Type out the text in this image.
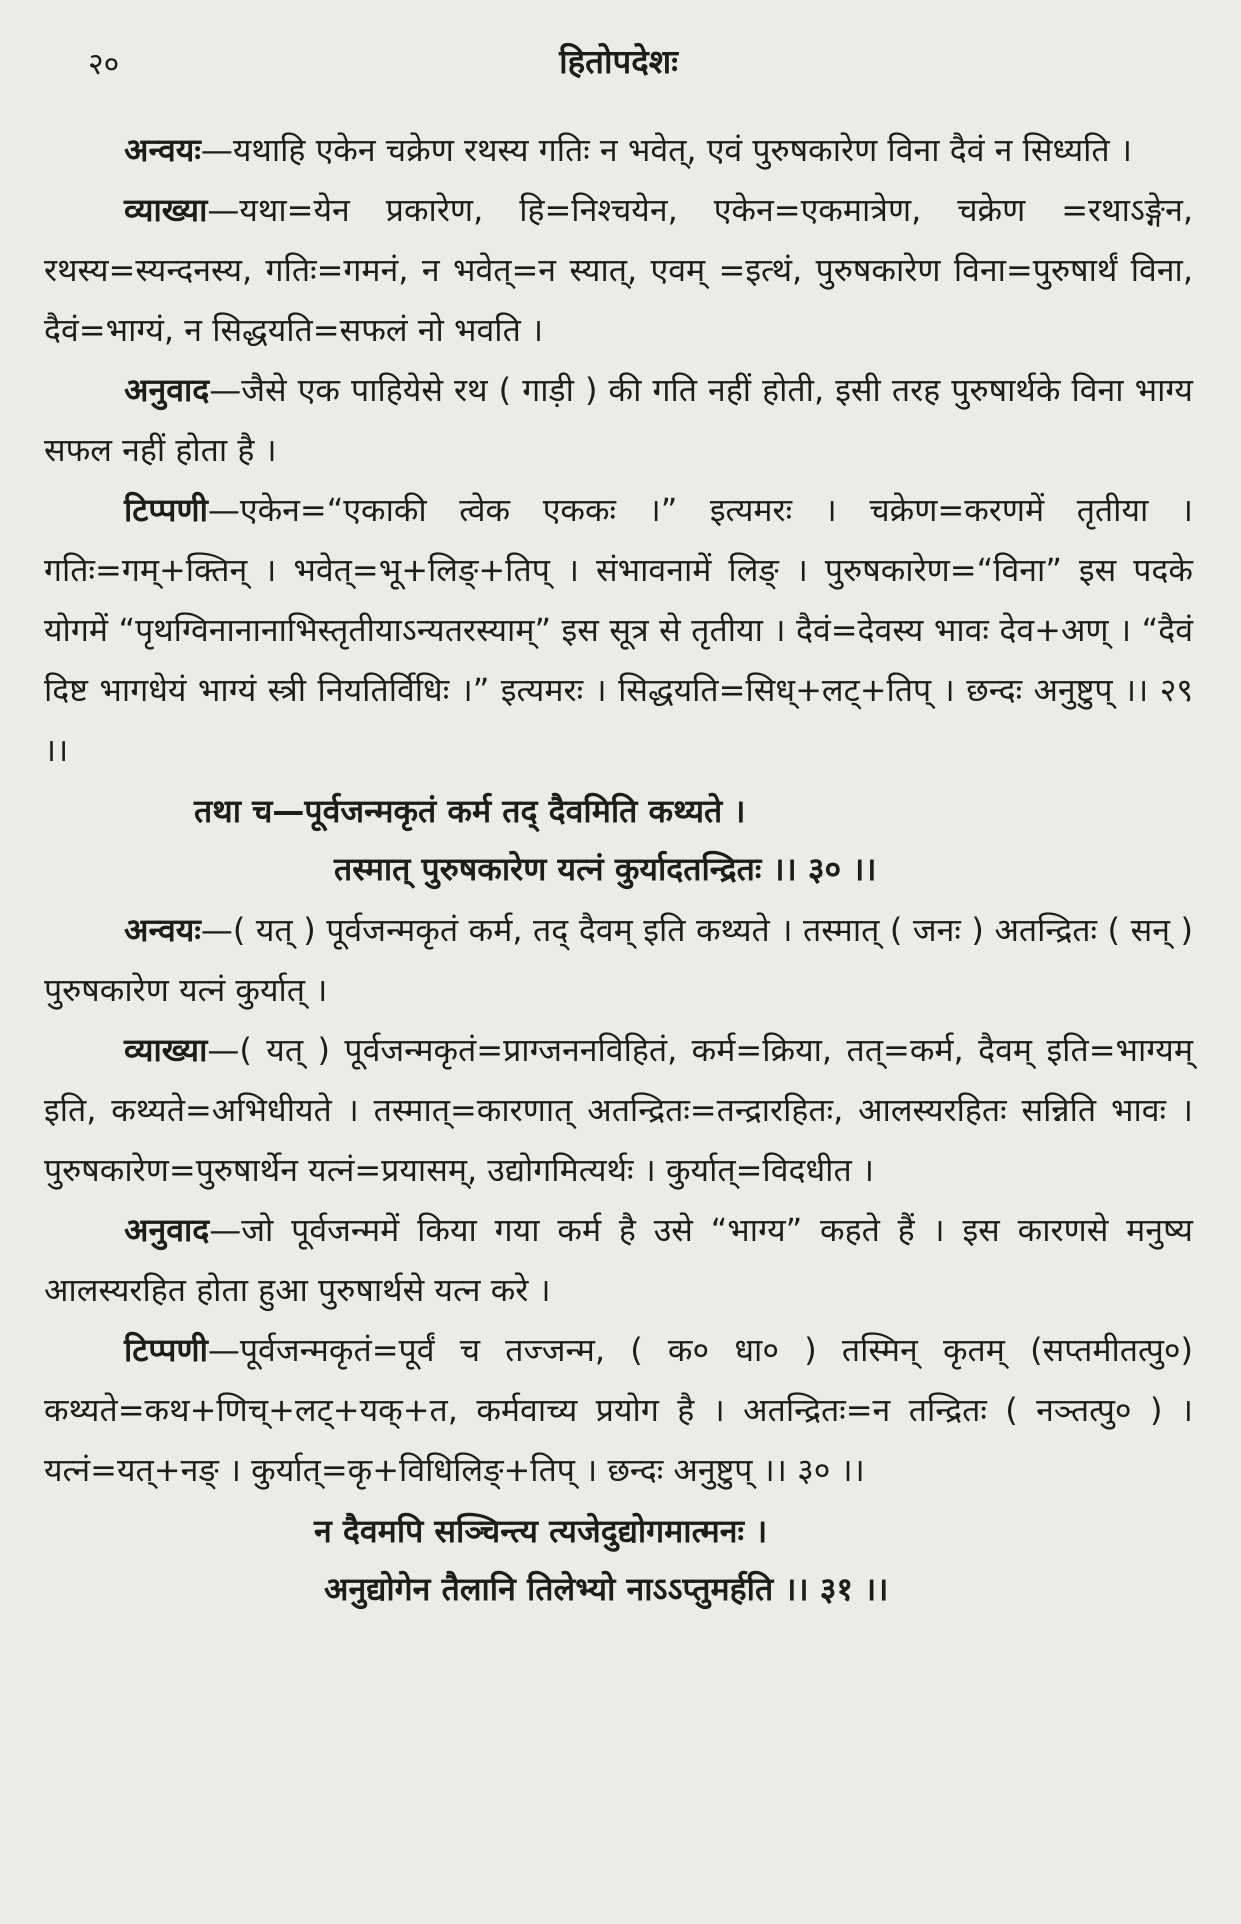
२०	हितोपदेशः

अन्वयः—यथाहि एकेन चक्रेण रथस्य गतिः न भवेत्, एवं पुरुषकारेण विना दैवं न सिध्यति ।

व्याख्या—यथा=येन प्रकारेण, हि=निश्चयेन, एकेन=एकमात्रेण, चक्रेण =रथाऽङ्गेन, रथस्य=स्यन्दनस्य, गतिः=गमनं, न भवेत्=न स्यात्, एवम् =इत्थं, पुरुषकारेण विना=पुरुषार्थं विना, दैवं=भाग्यं, न सिद्धयति=सफलं नो भवति ।

अनुवाद—जैसे एक पाहियेसे रथ ( गाड़ी ) की गति नहीं होती, इसी तरह पुरुषार्थके विना भाग्य सफल नहीं होता है ।

टिप्पणी—एकेन=“एकाकी त्वेक एककः ।” इत्यमरः । चक्रेण=करणमें तृतीया । गतिः=गम्+क्तिन् । भवेत्=भू+लिङ्+तिप् । संभावनामें लिङ् । पुरुषकारेण=“विना” इस पदके योगमें “पृथग्विनानानाभिस्तृतीयाऽन्यतरस्याम्” इस सूत्र से तृतीया । दैवं=देवस्य भावः देव+अण् । “दैवं दिष्ट भागधेयं भाग्यं स्त्री नियतिर्विधिः ।” इत्यमरः । सिद्धयति=सिध्+लट्+तिप् । छन्दः अनुष्टुप् ।। २९ ।।

तथा च—पूर्वजन्मकृतं कर्म तद् दैवमिति कथ्यते ।

तस्मात् पुरुषकारेण यत्नं कुर्यादतन्द्रितः ।। ३० ।।

अन्वयः—( यत् ) पूर्वजन्मकृतं कर्म, तद् दैवम् इति कथ्यते । तस्मात् ( जनः ) अतन्द्रितः ( सन् ) पुरुषकारेण यत्नं कुर्यात् ।

व्याख्या—( यत् ) पूर्वजन्मकृतं=प्राग्जननविहितं, कर्म=क्रिया, तत्=कर्म, दैवम् इति=भाग्यम् इति, कथ्यते=अभिधीयते । तस्मात्=कारणात् अतन्द्रितः=तन्द्रारहितः, आलस्यरहितः सन्निति भावः । पुरुषकारेण=पुरुषार्थेन यत्नं=प्रयासम्, उद्योगमित्यर्थः । कुर्यात्=विदधीत ।

अनुवाद—जो पूर्वजन्ममें किया गया कर्म है उसे “भाग्य” कहते हैं । इस कारणसे मनुष्य आलस्यरहित होता हुआ पुरुषार्थसे यत्न करे ।

टिप्पणी—पूर्वजन्मकृतं=पूर्वं च तज्जन्म, ( क० धा० ) तस्मिन् कृतम् (सप्तमीतत्पु०) कथ्यते=कथ+णिच्+लट्+यक्+त, कर्मवाच्य प्रयोग है । अतन्द्रितः=न तन्द्रितः ( नञ्तत्पु० ) । यत्नं=यत्+नङ् । कुर्यात्=कृ+विधिलिङ्+तिप् । छन्दः अनुष्टुप् ।। ३० ।।

न दैवमपि सञ्चिन्त्य त्यजेदुद्योगमात्मनः ।

अनुद्योगेन तैलानि तिलेभ्यो नाऽऽप्तुमर्हति ।। ३१ ।।
